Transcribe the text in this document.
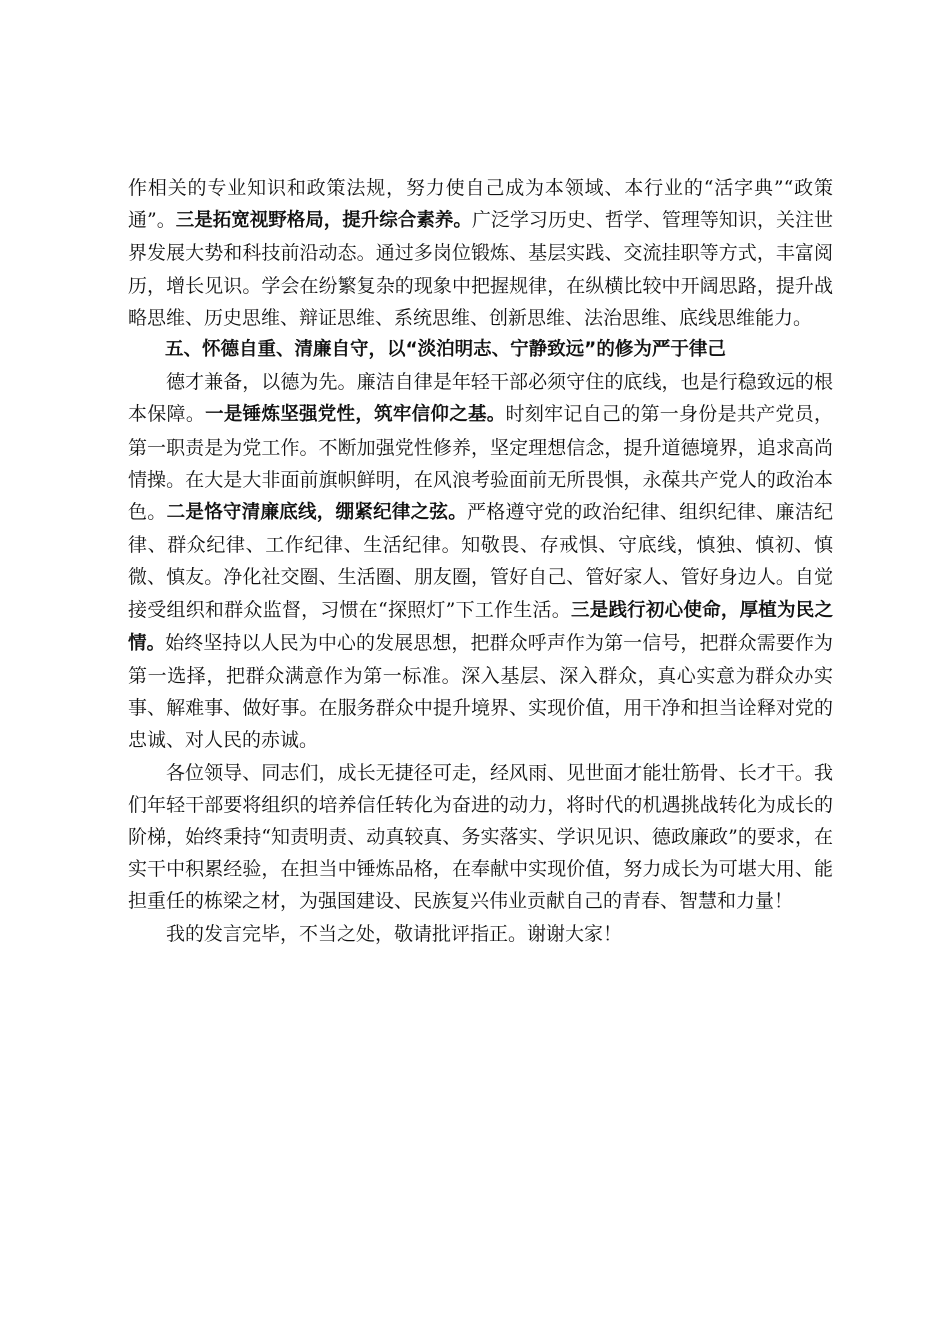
作相关的专业知识和政策法规，努力使自己成为本领域、本行业的“活字典”“政策通”。三是拓宽视野格局，提升综合素养。广泛学习历史、哲学、管理等知识，关注世界发展大势和科技前沿动态。通过多岗位锻炼、基层实践、交流挂职等方式，丰富阅历，增长见识。学会在纷繁复杂的现象中把握规律，在纵横比较中开阔思路，提升战略思维、历史思维、辩证思维、系统思维、创新思维、法治思维、底线思维能力。

五、怀德自重、清廉自守，以“淡泊明志、宁静致远”的修为严于律己

德才兼备，以德为先。廉洁自律是年轻干部必须守住的底线，也是行稳致远的根本保障。一是锤炼坚强党性，筑牢信仰之基。时刻牢记自己的第一身份是共产党员，第一职责是为党工作。不断加强党性修养，坚定理想信念，提升道德境界，追求高尚情操。在大是大非面前旗帜鲜明，在风浪考验面前无所畏惧，永葆共产党人的政治本色。二是恪守清廉底线，绷紧纪律之弦。严格遵守党的政治纪律、组织纪律、廉洁纪律、群众纪律、工作纪律、生活纪律。知敬畏、存戒惧、守底线，慎独、慎初、慎微、慎友。净化社交圈、生活圈、朋友圈，管好自己、管好家人、管好身边人。自觉接受组织和群众监督，习惯在“探照灯”下工作生活。三是践行初心使命，厚植为民之情。始终坚持以人民为中心的发展思想，把群众呼声作为第一信号，把群众需要作为第一选择，把群众满意作为第一标准。深入基层、深入群众，真心实意为群众办实事、解难事、做好事。在服务群众中提升境界、实现价值，用干净和担当诠释对党的忠诚、对人民的赤诚。

各位领导、同志们，成长无捷径可走，经风雨、见世面才能壮筋骨、长才干。我们年轻干部要将组织的培养信任转化为奋进的动力，将时代的机遇挑战转化为成长的阶梯，始终秉持“知责明责、动真较真、务实落实、学识见识、德政廉政”的要求，在实干中积累经验，在担当中锤炼品格，在奉献中实现价值，努力成长为可堪大用、能担重任的栋梁之材，为强国建设、民族复兴伟业贡献自己的青春、智慧和力量！

我的发言完毕，不当之处，敬请批评指正。谢谢大家！
